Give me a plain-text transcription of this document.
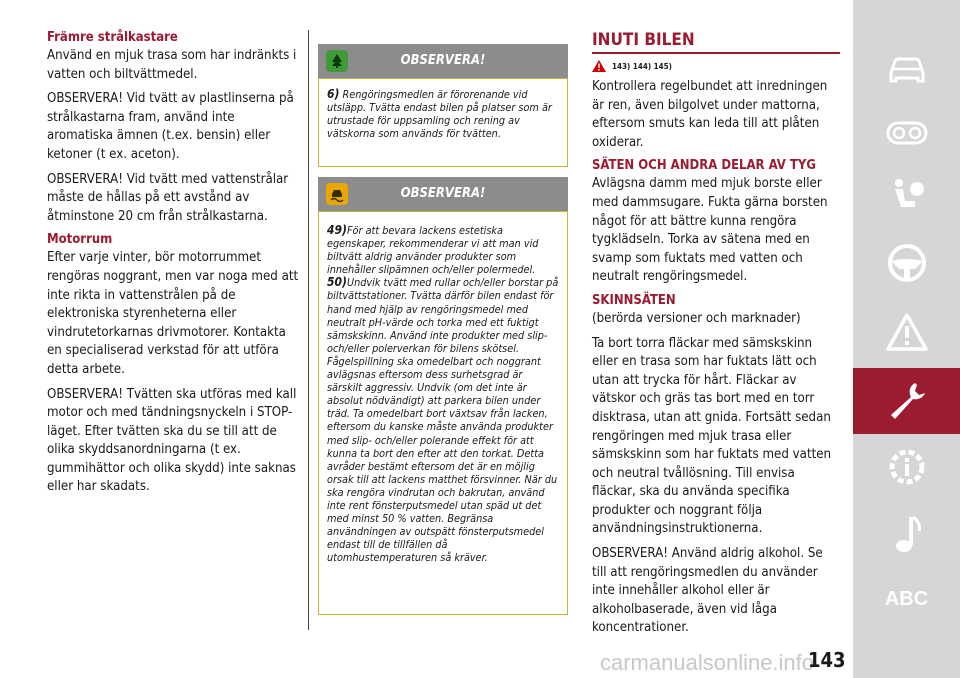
Främre strålkastare

Använd en mjuk trasa som har indränkts i vatten och biltvättmedel.

OBSERVERA! Vid tvätt av plastlinserna på strålkastarna fram, använd inte aromatiska ämnen (t.ex. bensin) eller ketoner (t ex. aceton).

OBSERVERA! Vid tvätt med vattenstrålar måste de hållas på ett avstånd av åtminstone 20 cm från strålkastarna.

Motorrum

Efter varje vinter, bör motorrummet rengöras noggrant, men var noga med att inte rikta in vattenstrålen på de elektroniska styrenheterna eller vindrutetorkarnas drivmotorer. Kontakta en specialiserad verkstad för att utföra detta arbete.

OBSERVERA! Tvätten ska utföras med kall motor och med tändningsnyckeln i STOP-läget. Efter tvätten ska du se till att de olika skyddsanordningarna (t ex. gummihättor och olika skydd) inte saknas eller har skadats.

OBSERVERA!

6) Rengöringsmedlen är förorenande vid utsläpp. Tvätta endast bilen på platser som är utrustade för uppsamling och rening av vätskorna som används för tvätten.

OBSERVERA!

49)För att bevara lackens estetiska egenskaper, rekommenderar vi att man vid biltvätt aldrig använder produkter som innehåller slipämnen och/eller polermedel.

50)Undvik tvätt med rullar och/eller borstar på biltvättstationer. Tvätta därför bilen endast för hand med hjälp av rengöringsmedel med neutralt pH-värde och torka med ett fuktigt sämskskinn. Använd inte produkter med slip- och/eller polerverkan för bilens skötsel. Fågelspillning ska omedelbart och noggrant avlägsnas eftersom dess surhetsgrad är särskilt aggressiv. Undvik (om det inte är absolut nödvändigt) att parkera bilen under träd. Ta omedelbart bort växtsav från lacken, eftersom du kanske måste använda produkter med slip- och/eller polerande effekt för att kunna ta bort den efter att den torkat. Detta avråder bestämt eftersom det är en möjlig orsak till att lackens matthet försvinner. När du ska rengöra vindrutan och bakrutan, använd inte rent fönsterputsmedel utan späd ut det med minst 50 % vatten. Begränsa användningen av outspätt fönsterputsmedel endast till de tillfällen då utomhustemperaturen så kräver.

INUTI BILEN
143) 144) 145)

Kontrollera regelbundet att inredningen är ren, även bilgolvet under mattorna, eftersom smuts kan leda till att plåten oxiderar.

SÄTEN OCH ANDRA DELAR AV TYG

Avlägsna damm med mjuk borste eller med dammsugare. Fukta gärna borsten något för att bättre kunna rengöra tygklädseln. Torka av sätena med en svamp som fuktats med vatten och neutralt rengöringsmedel.

SKINNSÄTEN

(berörda versioner och marknader)

Ta bort torra fläckar med sämskskinn eller en trasa som har fuktats lätt och utan att trycka för hårt. Fläckar av vätskor och gräs tas bort med en torr disktrasa, utan att gnida. Fortsätt sedan rengöringen med mjuk trasa eller sämskskinn som har fuktats med vatten och neutral tvållösning. Till envisa fläckar, ska du använda specifika produkter och noggrant följa användningsinstruktionerna.

OBSERVERA! Använd aldrig alkohol. Se till att rengöringsmedlen du använder inte innehåller alkohol eller är alkoholbaserade, även vid låga koncentrationer.

ABC
carmanualsonline.info
143
